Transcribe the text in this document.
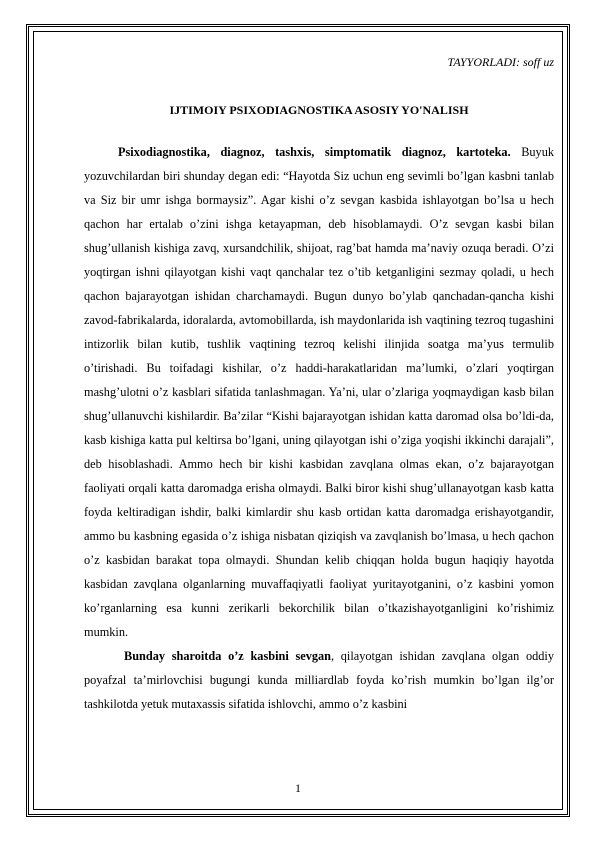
TAYYORLADI: soff uz
IJTIMOIY PSIXODIAGNOSTIKA ASOSIY YO'NALISH

Psixodiagnostika, diagnoz, tashxis, simptomatik diagnoz, kartoteka. Buyuk yozuvchilardan biri shunday degan edi: “Hayotda Siz uchun eng sevimli bo’lgan kasbni tanlab va Siz bir umr ishga bormaysiz”. Agar kishi o’z sevgan kasbida ishlayotgan bo’lsa u hech qachon har ertalab o’zini ishga ketayapman, deb hisoblamaydi. O’z sevgan kasbi bilan shug’ullanish kishiga zavq, xursandchilik, shijoat, rag’bat hamda ma’naviy ozuqa beradi. O’zi yoqtirgan ishni qilayotgan kishi vaqt qanchalar tez o’tib ketganligini sezmay qoladi, u hech qachon bajarayotgan ishidan charchamaydi. Bugun dunyo bo’ylab qanchadan-qancha kishi zavod-fabrikalarda, idoralarda, avtomobillarda, ish maydonlarida ish vaqtining tezroq tugashini intizorlik bilan kutib, tushlik vaqtining tezroq kelishi ilinjida soatga ma’yus termulib o’tirishadi. Bu toifadagi kishilar, o’z haddi-harakatlaridan ma’lumki, o’zlari yoqtirgan mashg’ulotni o’z kasblari sifatida tanlashmagan. Ya’ni, ular o’zlariga yoqmaydigan kasb bilan shug’ullanuvchi kishilardir. Ba’zilar “Kishi bajarayotgan ishidan katta daromad olsa bo’ldi-da, kasb kishiga katta pul keltirsa bo’lgani, uning qilayotgan ishi o’ziga yoqishi ikkinchi darajali”, deb hisoblashadi. Ammo hech bir kishi kasbidan zavqlana olmas ekan, o’z bajarayotgan faoliyati orqali katta daromadga erisha olmaydi. Balki biror kishi shug’ullanayotgan kasb katta foyda keltiradigan ishdir, balki kimlardir shu kasb ortidan katta daromadga erishayotgandir, ammo bu kasbning egasida o’z ishiga nisbatan qiziqish va zavqlanish bo’lmasa, u hech qachon o’z kasbidan barakat topa olmaydi. Shundan kelib chiqqan holda bugun haqiqiy hayotda kasbidan zavqlana olganlarning muvaffaqiyatli faoliyat yuritayotganini, o’z kasbini yomon ko’rganlarning esa kunni zerikarli bekorchilik bilan o’tkazishayotganligini ko’rishimiz mumkin.

Bunday sharoitda o’z kasbini sevgan, qilayotgan ishidan zavqlana olgan oddiy poyafzal ta’mirlovchisi bugungi kunda milliardlab foyda ko’rish mumkin bo’lgan ilg’or tashkilotda yetuk mutaxassis sifatida ishlovchi, ammo o’z kasbini

1
